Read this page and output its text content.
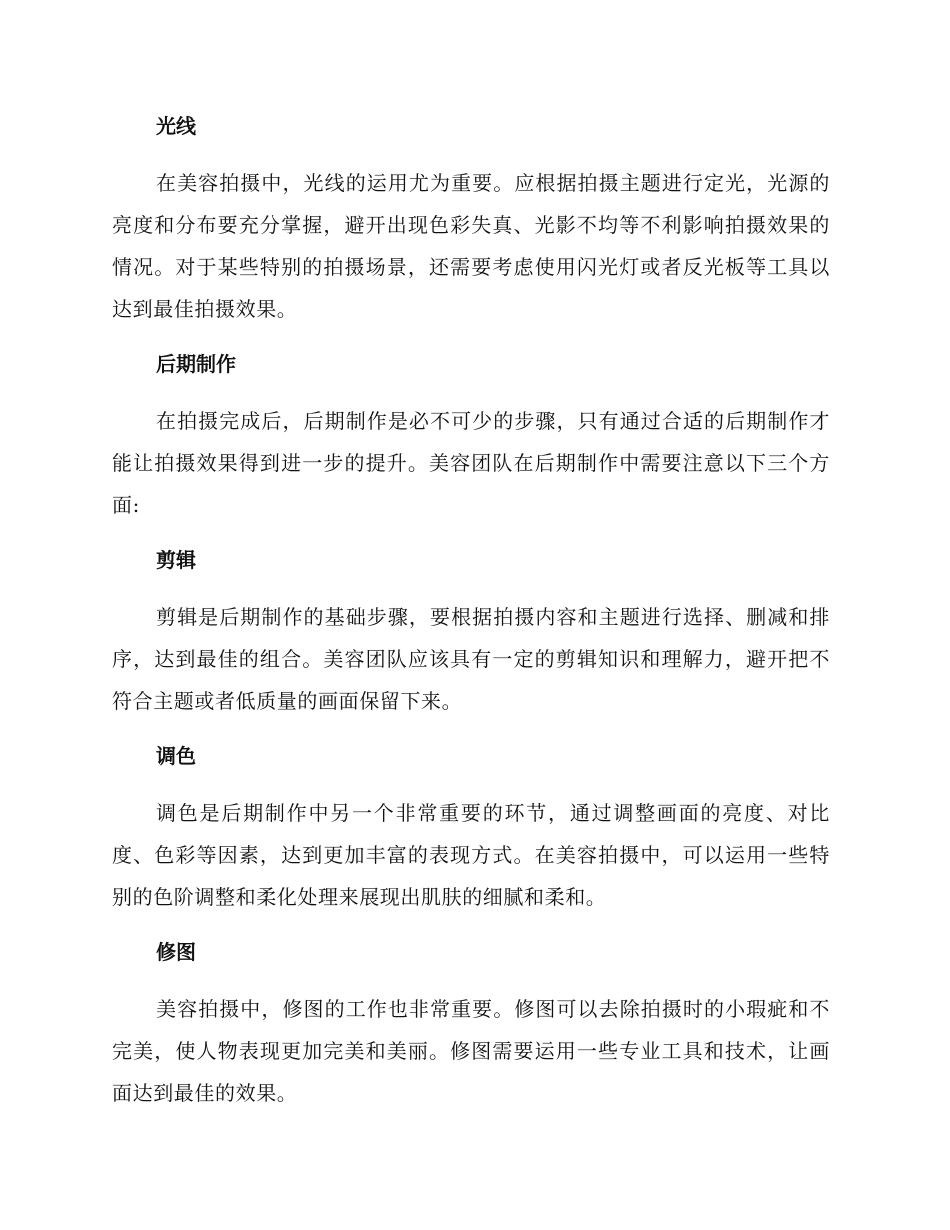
光线

在美容拍摄中，光线的运用尤为重要。应根据拍摄主题进行定光，光源的亮度和分布要充分掌握，避开出现色彩失真、光影不均等不利影响拍摄效果的情况。对于某些特别的拍摄场景，还需要考虑使用闪光灯或者反光板等工具以达到最佳拍摄效果。

后期制作

在拍摄完成后，后期制作是必不可少的步骤，只有通过合适的后期制作才能让拍摄效果得到进一步的提升。美容团队在后期制作中需要注意以下三个方面:

剪辑

剪辑是后期制作的基础步骤，要根据拍摄内容和主题进行选择、删减和排序，达到最佳的组合。美容团队应该具有一定的剪辑知识和理解力，避开把不符合主题或者低质量的画面保留下来。

调色

调色是后期制作中另一个非常重要的环节，通过调整画面的亮度、对比度、色彩等因素，达到更加丰富的表现方式。在美容拍摄中，可以运用一些特别的色阶调整和柔化处理来展现出肌肤的细腻和柔和。

修图

美容拍摄中，修图的工作也非常重要。修图可以去除拍摄时的小瑕疵和不完美，使人物表现更加完美和美丽。修图需要运用一些专业工具和技术，让画面达到最佳的效果。
